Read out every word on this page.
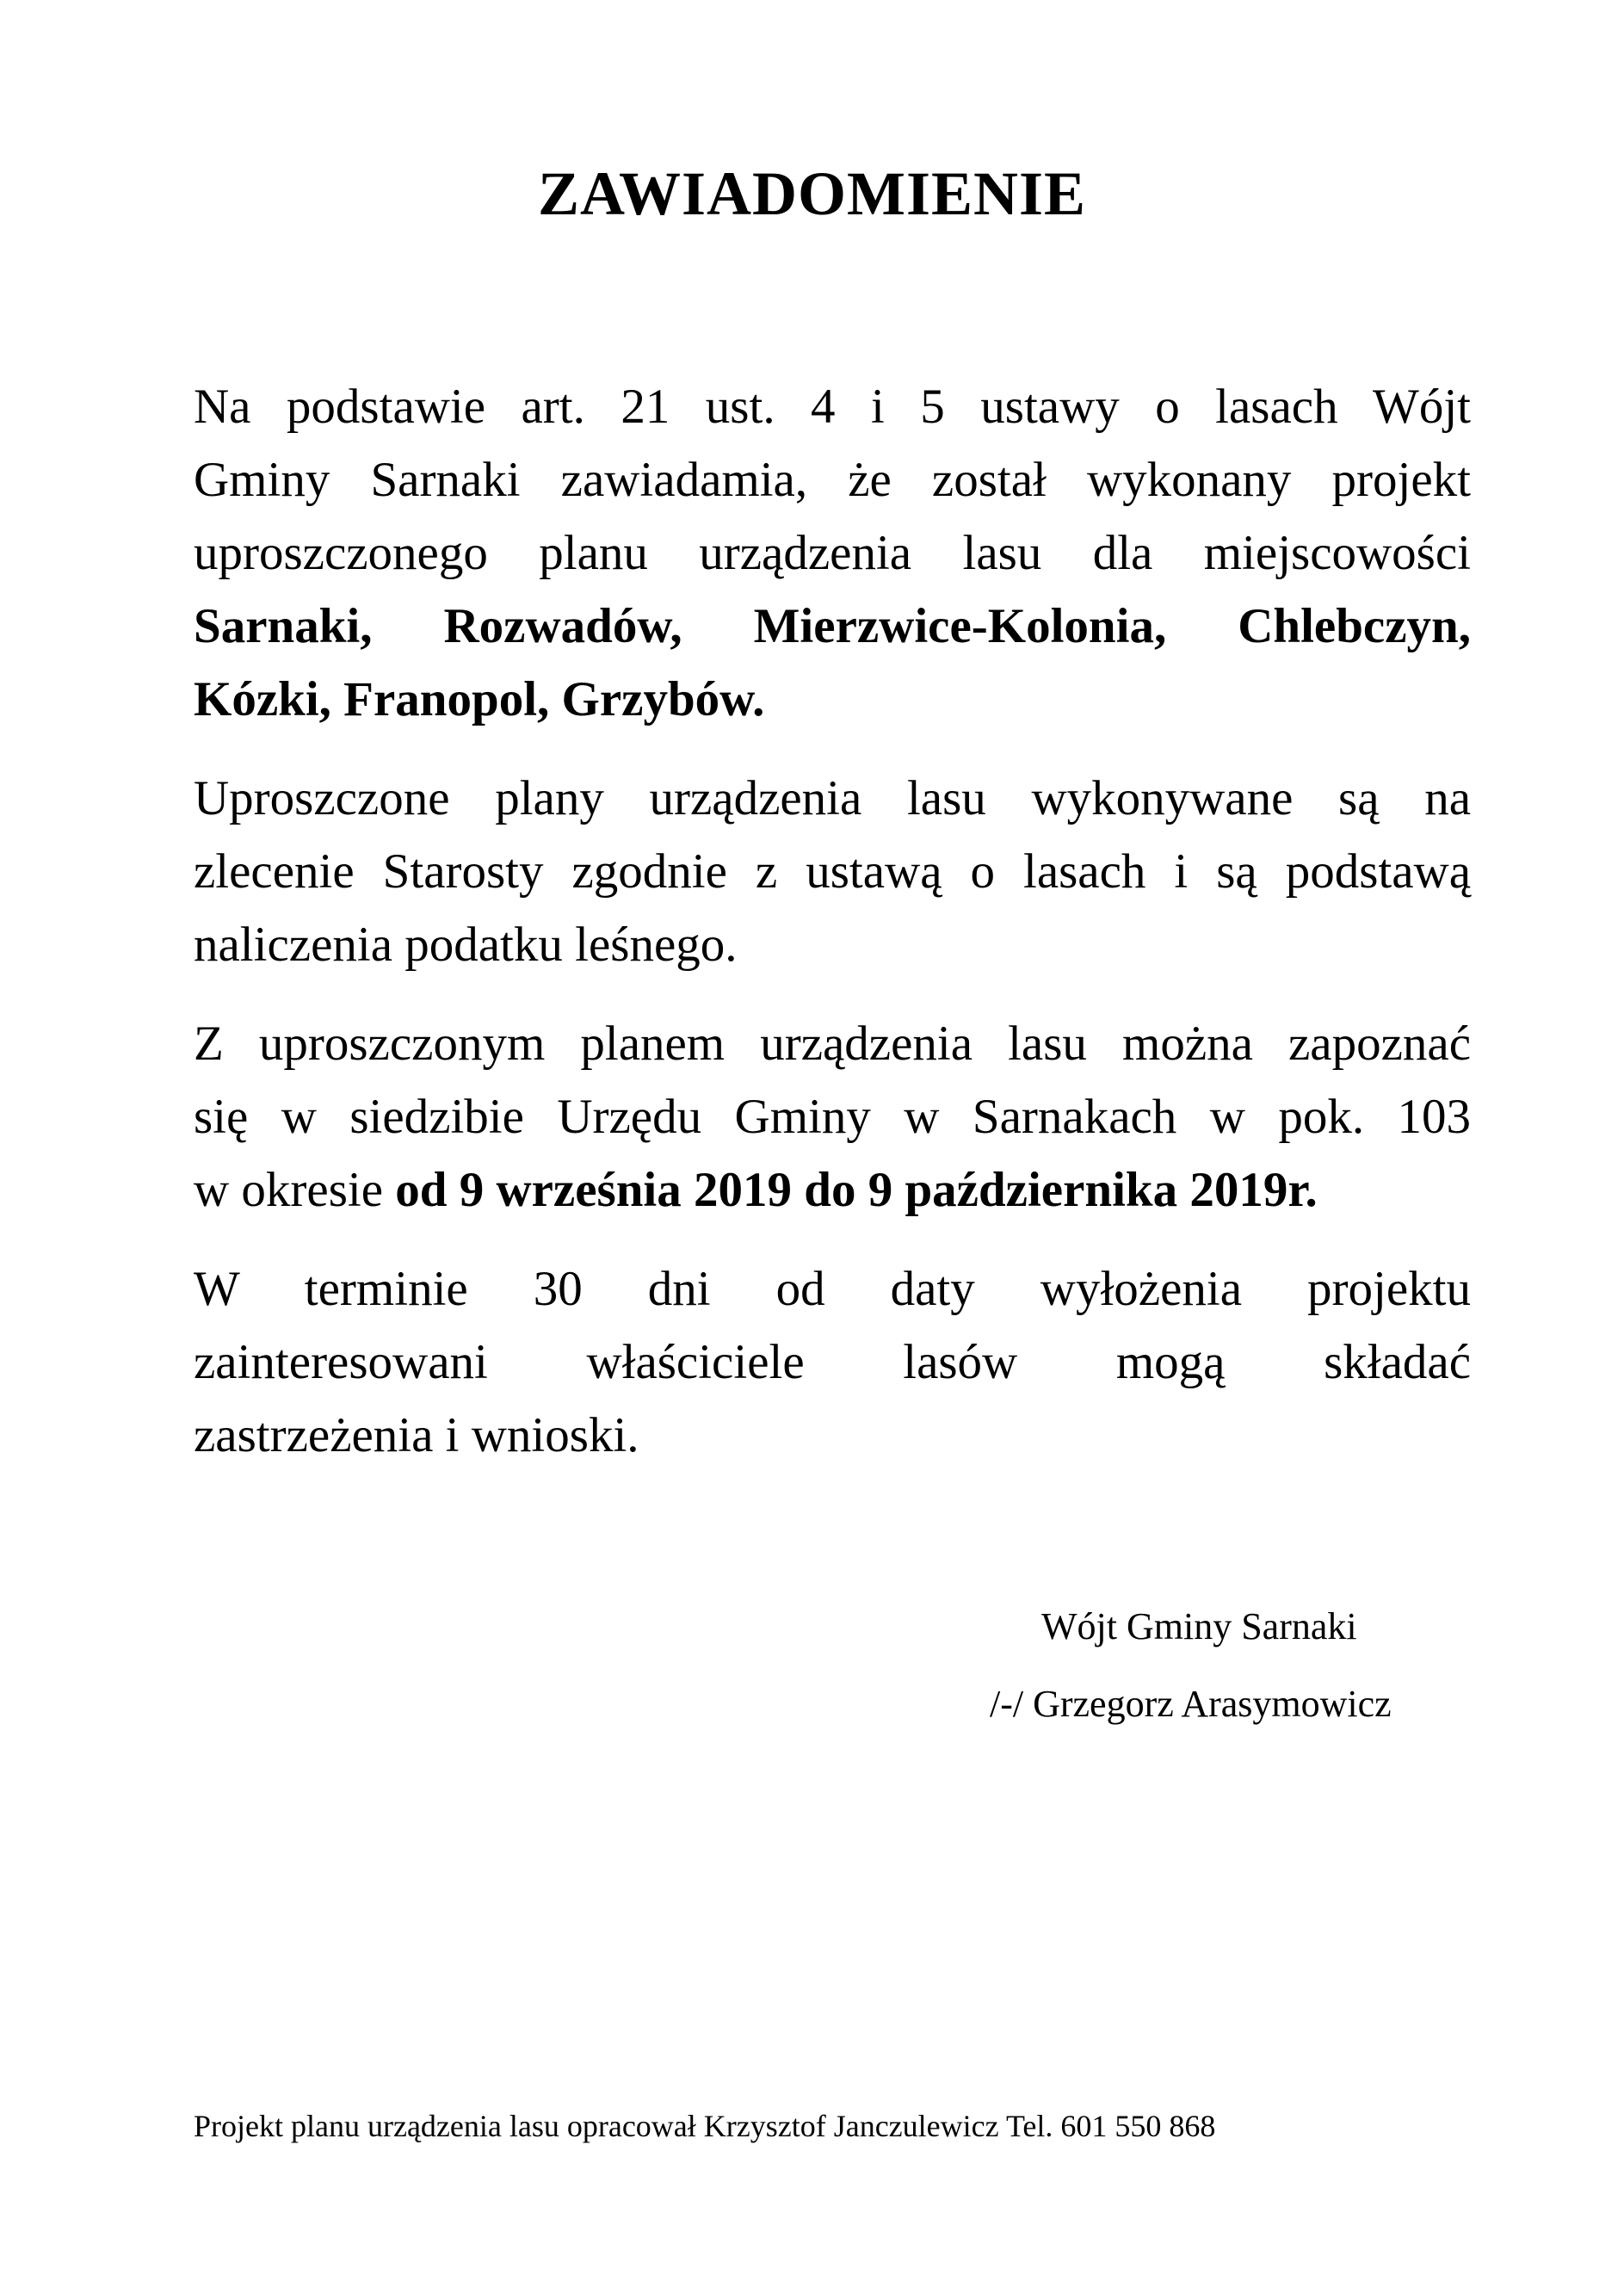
ZAWIADOMIENIE
Na podstawie art. 21 ust. 4 i 5 ustawy o lasach Wójt
Gminy Sarnaki zawiadamia, że został wykonany projekt
uproszczonego planu urządzenia lasu dla miejscowości
Sarnaki, Rozwadów, Mierzwice-Kolonia, Chlebczyn,
Kózki, Franopol, Grzybów.
Uproszczone plany urządzenia lasu wykonywane są na
zlecenie Starosty zgodnie z ustawą o lasach i są podstawą
naliczenia podatku leśnego.
Z uproszczonym planem urządzenia lasu można zapoznać
się w siedzibie Urzędu Gminy w Sarnakach w pok. 103
w okresie od 9 września 2019 do 9 października 2019r.
W terminie 30 dni od daty wyłożenia projektu
zainteresowani właściciele lasów mogą składać
zastrzeżenia i wnioski.
Wójt Gminy Sarnaki
/-/ Grzegorz Arasymowicz
Projekt planu urządzenia lasu opracował Krzysztof Janczulewicz Tel. 601 550 868
